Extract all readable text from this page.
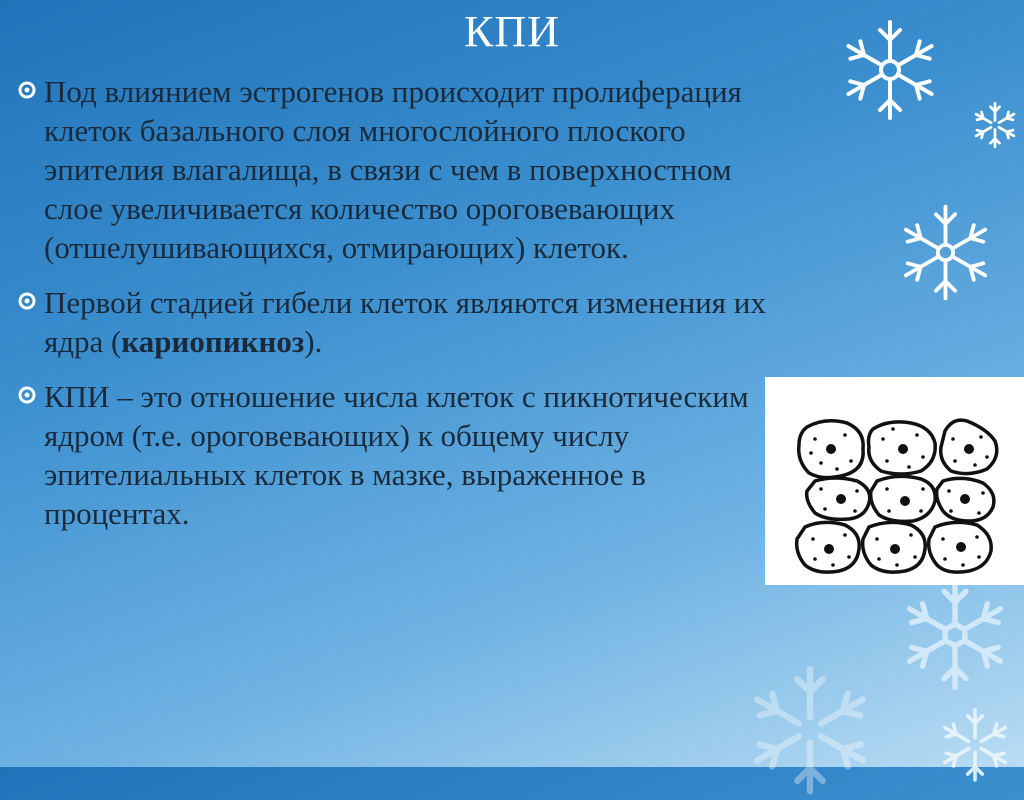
КПИ
Под влиянием эстрогенов происходит пролиферация клеток базального слоя многослойного плоского эпителия влагалища, в связи с чем в поверхностном слое увеличивается количество ороговевающих (отшелушивающихся, отмирающих) клеток.
Первой стадией гибели клеток являются изменения их ядра (кариопикноз).
КПИ – это отношение числа клеток с пикнотическим ядром (т.е. ороговевающих) к общему числу эпителиальных клеток в мазке, выраженное в процентах.
